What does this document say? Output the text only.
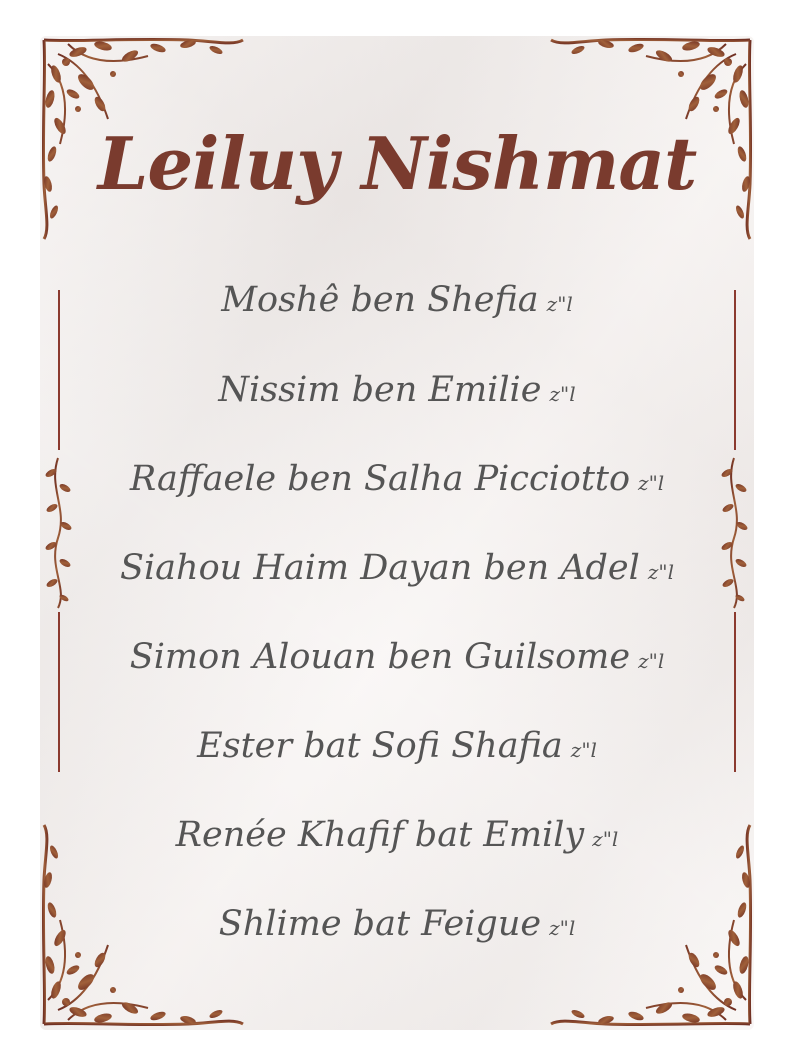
Leiluy Nishmat
Moshê ben Shefia z"l
Nissim ben Emilie z"l
Raffaele ben Salha Picciotto z"l
Siahou Haim Dayan ben Adel z"l
Simon Alouan ben Guilsome z"l
Ester bat Sofi Shafia z"l
Renée Khafif bat Emily z"l
Shlime bat Feigue z"l
